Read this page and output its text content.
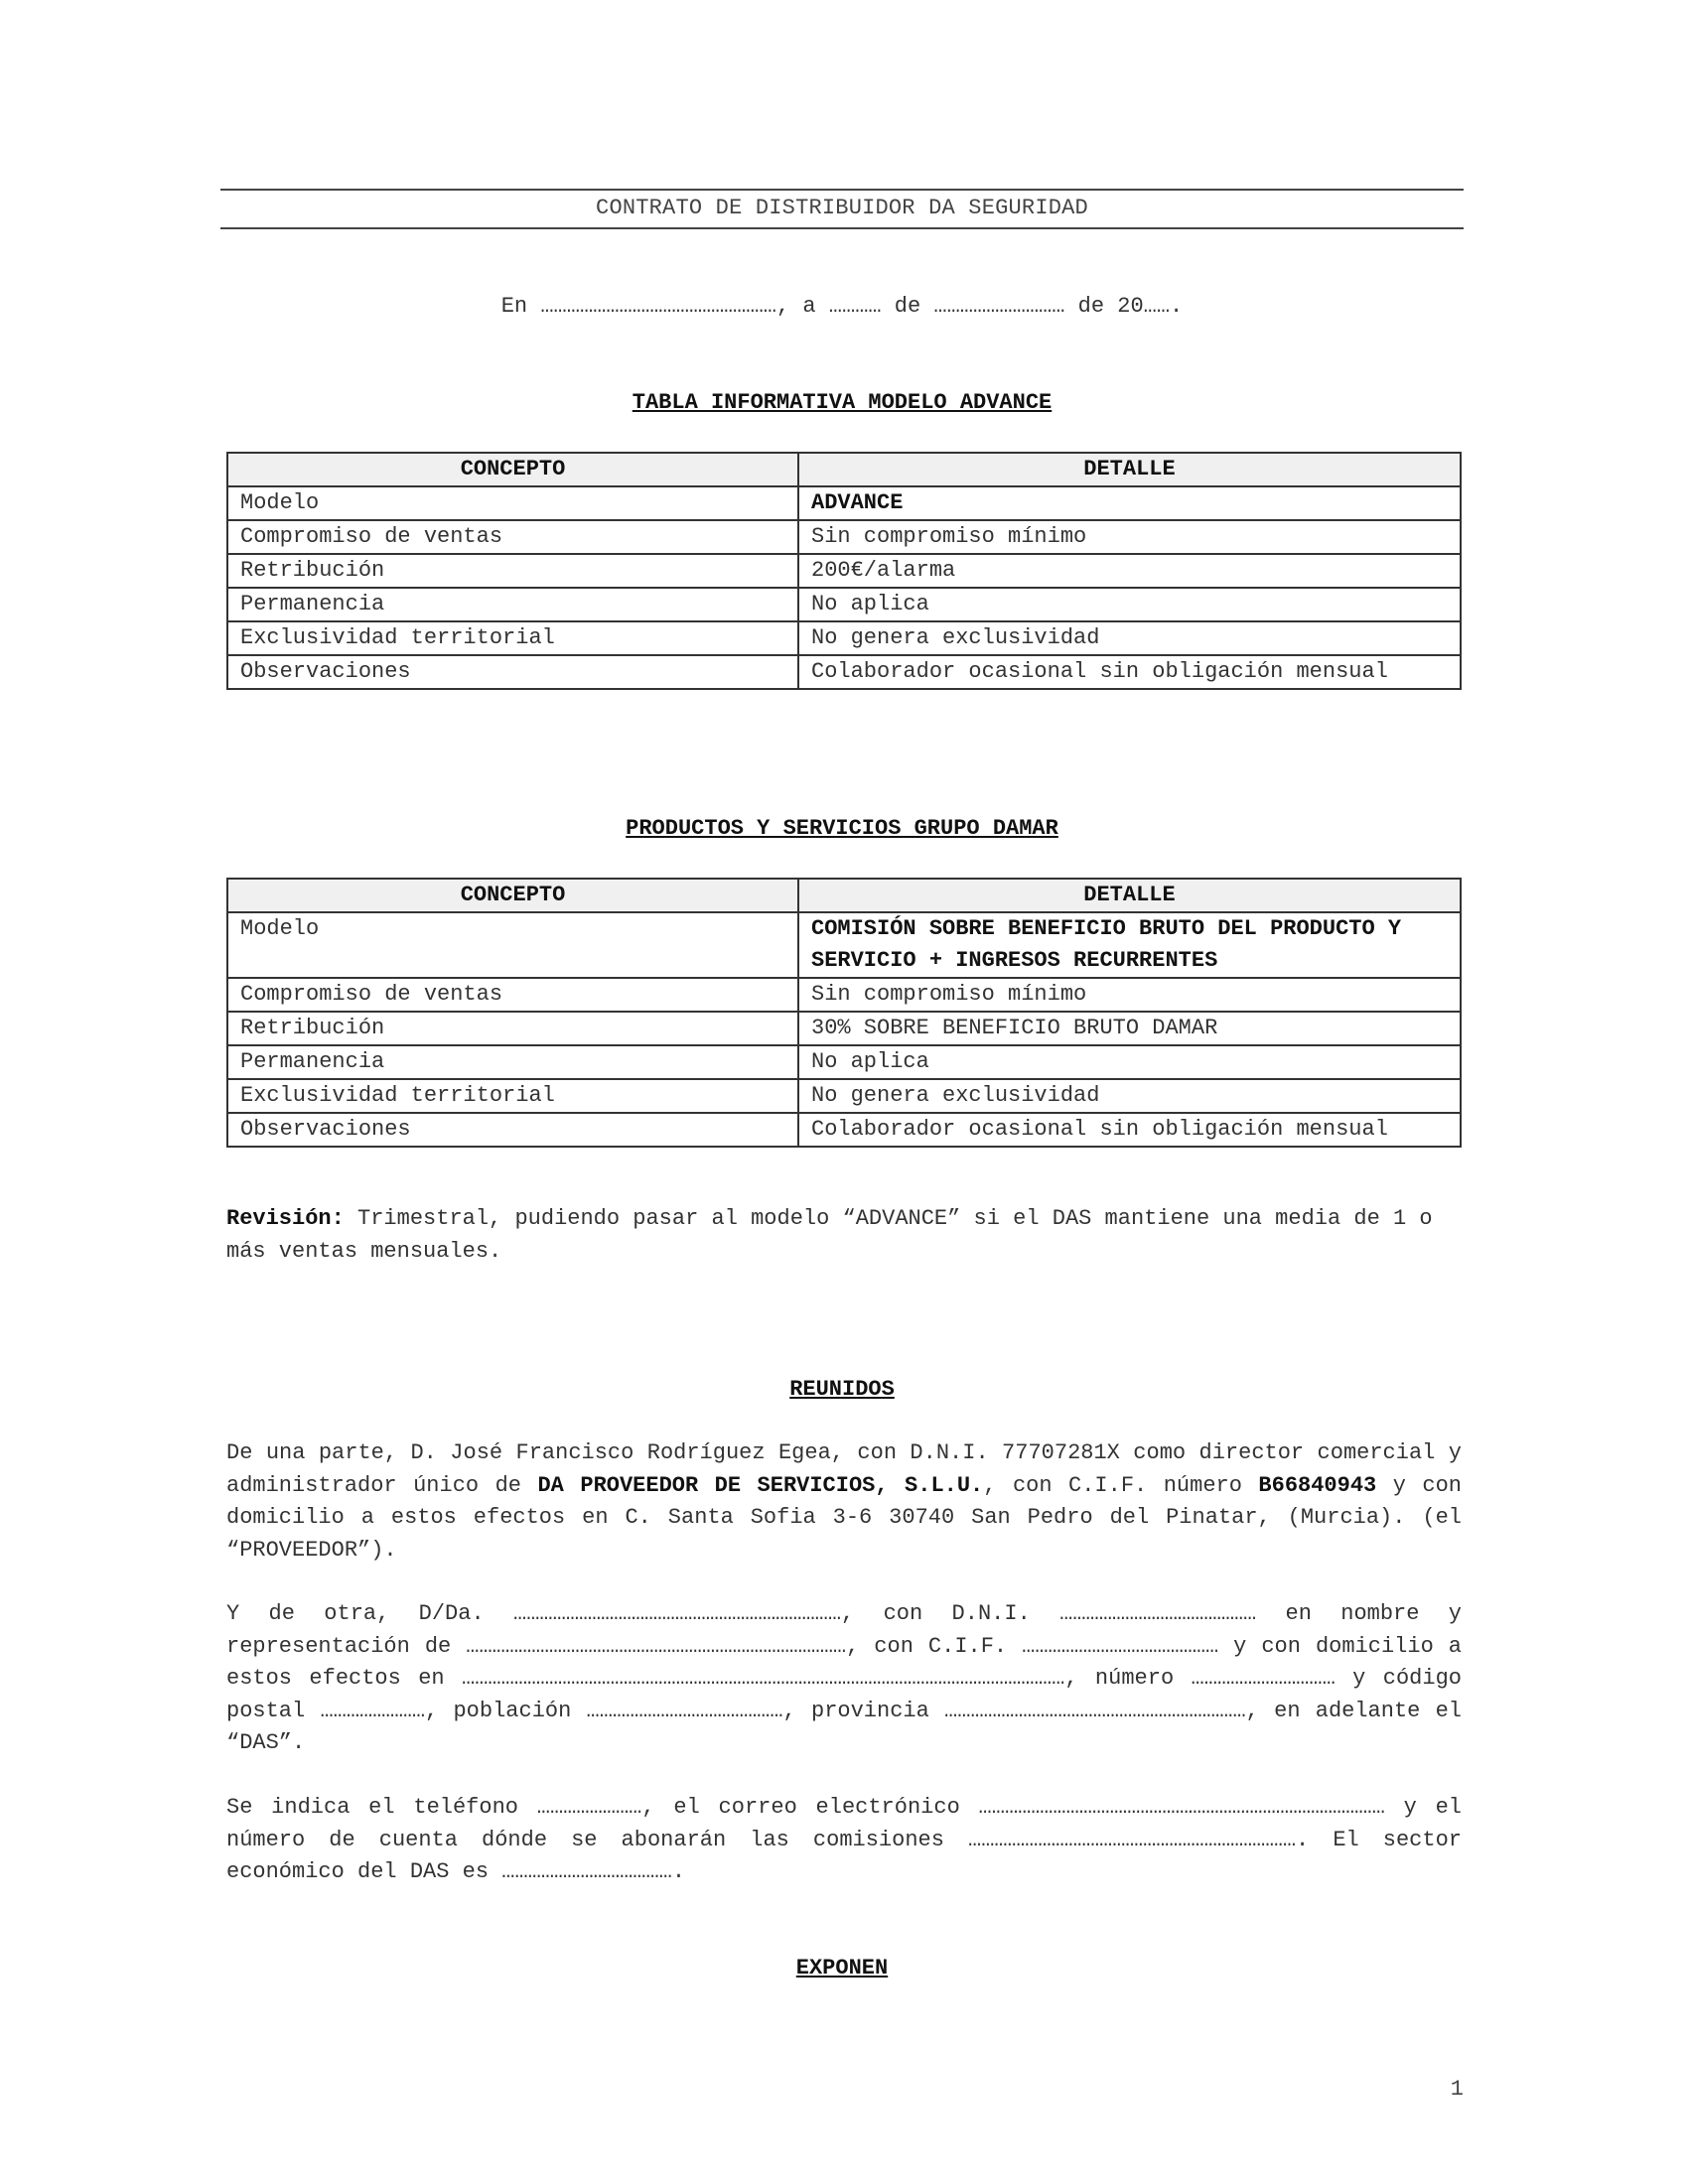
CONTRATO DE DISTRIBUIDOR DA SEGURIDAD
En ………………………………………………, a ………… de ………………………… de 20…….
TABLA INFORMATIVA MODELO ADVANCE
CONCEPTO	DETALLE
Modelo	ADVANCE
Compromiso de ventas	Sin compromiso mínimo
Retribución	200€/alarma
Permanencia	No aplica
Exclusividad territorial	No genera exclusividad
Observaciones	Colaborador ocasional sin obligación mensual
PRODUCTOS Y SERVICIOS GRUPO DAMAR
CONCEPTO	DETALLE
Modelo	COMISIÓN SOBRE BENEFICIO BRUTO DEL PRODUCTO Y SERVICIO + INGRESOS RECURRENTES
Compromiso de ventas	Sin compromiso mínimo
Retribución	30% SOBRE BENEFICIO BRUTO DAMAR
Permanencia	No aplica
Exclusividad territorial	No genera exclusividad
Observaciones	Colaborador ocasional sin obligación mensual
Revisión: Trimestral, pudiendo pasar al modelo “ADVANCE” si el DAS mantiene una media de 1 o más ventas mensuales.
REUNIDOS
De una parte, D. José Francisco Rodríguez Egea, con D.N.I. 77707281X como director comercial y administrador único de DA PROVEEDOR DE SERVICIOS, S.L.U., con C.I.F. número B66840943 y con domicilio a estos efectos en C. Santa Sofia 3-6 30740 San Pedro del Pinatar, (Murcia). (el “PROVEEDOR”).
Y de otra, D/Da. …………………………………………………………………, con D.N.I. ……………………………………… en nombre y representación de ……………………………………………………………………………, con C.I.F. ……………………………………… y con domicilio a estos efectos en …………………………………………………………………………………………………………………………, número …………………………… y código postal ……………………, población ………………………………………, provincia ……………………………………………………………, en adelante el “DAS”.
Se indica el teléfono ……………………, el correo electrónico ………………………………………………………………………………… y el número de cuenta dónde se abonarán las comisiones …………………………………………………………………. El sector económico del DAS es ………………………………….
EXPONEN
1
